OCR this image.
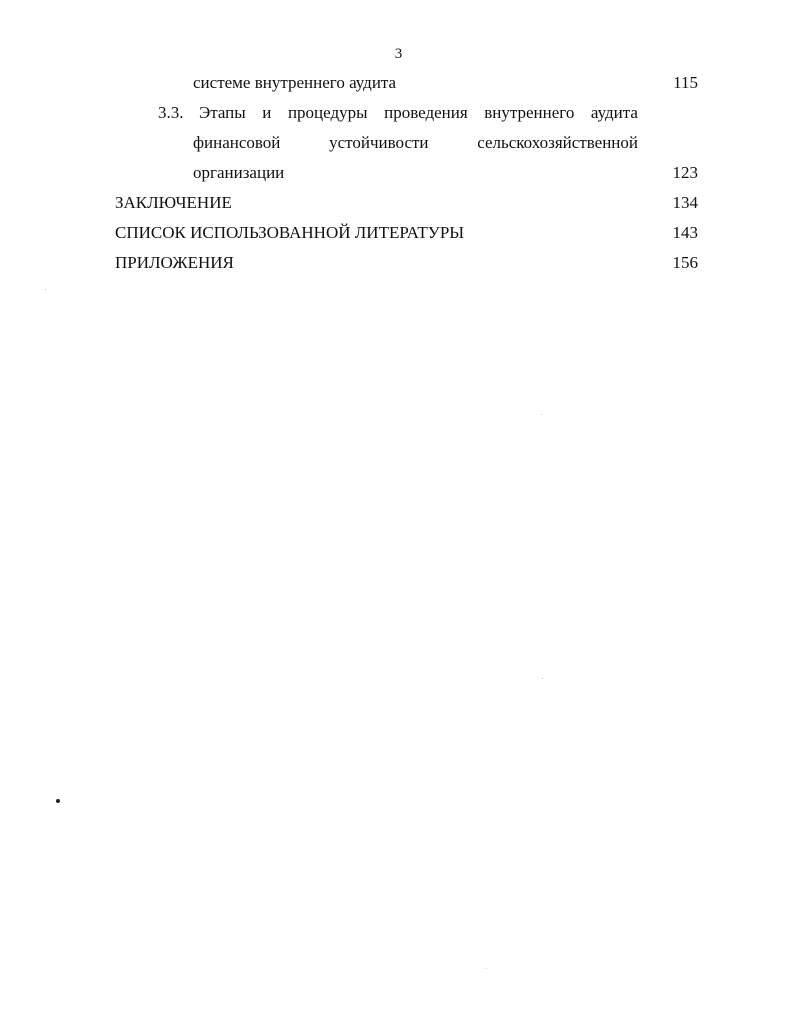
3
системе внутреннего аудита	115
3.3. Этапы и процедуры проведения внутреннего аудита
финансовой	устойчивости	сельскохозяйственной
организации	123
ЗАКЛЮЧЕНИЕ	134
СПИСОК ИСПОЛЬЗОВАННОЙ ЛИТЕРАТУРЫ	143
ПРИЛОЖЕНИЯ	156
